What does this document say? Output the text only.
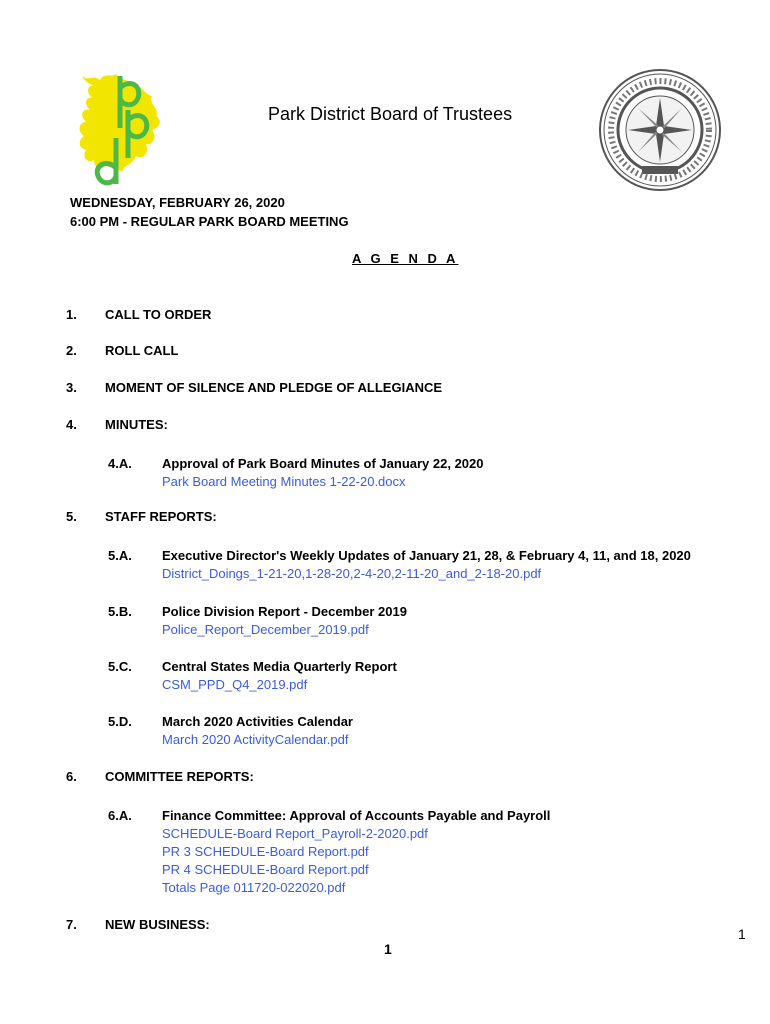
Park District Board of Trustees
WEDNESDAY, FEBRUARY 26, 2020
6:00 PM - REGULAR PARK BOARD MEETING
A G E N D A
1. CALL TO ORDER
2. ROLL CALL
3. MOMENT OF SILENCE AND PLEDGE OF ALLEGIANCE
4. MINUTES:
4.A. Approval of Park Board Minutes of January 22, 2020
Park Board Meeting Minutes 1-22-20.docx
5. STAFF REPORTS:
5.A. Executive Director's Weekly Updates of January 21, 28, & February 4, 11, and 18, 2020
District_Doings_1-21-20,1-28-20,2-4-20,2-11-20_and_2-18-20.pdf
5.B. Police Division Report - December 2019
Police_Report_December_2019.pdf
5.C. Central States Media Quarterly Report
CSM_PPD_Q4_2019.pdf
5.D. March 2020 Activities Calendar
March 2020 ActivityCalendar.pdf
6. COMMITTEE REPORTS:
6.A. Finance Committee: Approval of Accounts Payable and Payroll
SCHEDULE-Board Report_Payroll-2-2020.pdf
PR 3 SCHEDULE-Board Report.pdf
PR 4 SCHEDULE-Board Report.pdf
Totals Page 011720-022020.pdf
7. NEW BUSINESS:
1
1
